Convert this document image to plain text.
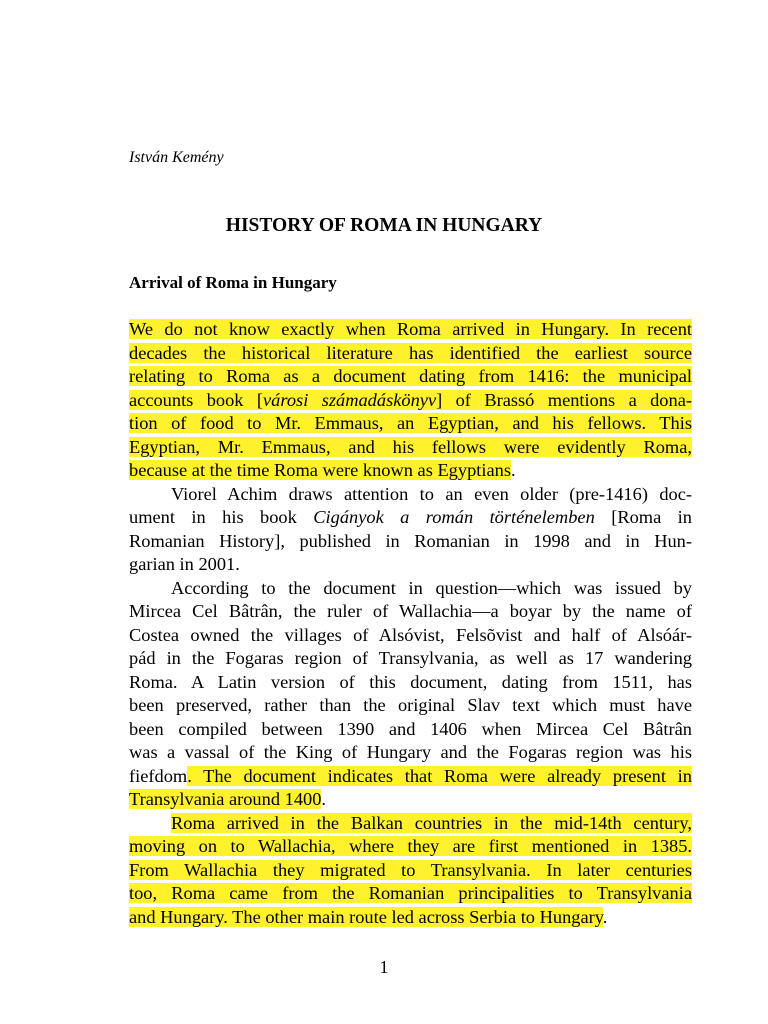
István Kemény
HISTORY OF ROMA IN HUNGARY
Arrival of Roma in Hungary
We do not know exactly when Roma arrived in Hungary. In recent
decades the historical literature has identified the earliest source
relating to Roma as a document dating from 1416: the municipal
accounts book [városi számadáskönyv] of Brassó mentions a dona-
tion of food to Mr. Emmaus, an Egyptian, and his fellows. This
Egyptian, Mr. Emmaus, and his fellows were evidently Roma,
because at the time Roma were known as Egyptians.
Viorel Achim draws attention to an even older (pre-1416) doc-
ument in his book Cigányok a román történelemben [Roma in
Romanian History], published in Romanian in 1998 and in Hun-
garian in 2001.
According to the document in question—which was issued by
Mircea Cel Bâtrân, the ruler of Wallachia—a boyar by the name of
Costea owned the villages of Alsóvist, Felsõvist and half of Alsóár-
pád in the Fogaras region of Transylvania, as well as 17 wandering
Roma. A Latin version of this document, dating from 1511, has
been preserved, rather than the original Slav text which must have
been compiled between 1390 and 1406 when Mircea Cel Bâtrân
was a vassal of the King of Hungary and the Fogaras region was his
fiefdom. The document indicates that Roma were already present in
Transylvania around 1400.
Roma arrived in the Balkan countries in the mid-14th century,
moving on to Wallachia, where they are first mentioned in 1385.
From Wallachia they migrated to Transylvania. In later centuries
too, Roma came from the Romanian principalities to Transylvania
and Hungary. The other main route led across Serbia to Hungary.
1
